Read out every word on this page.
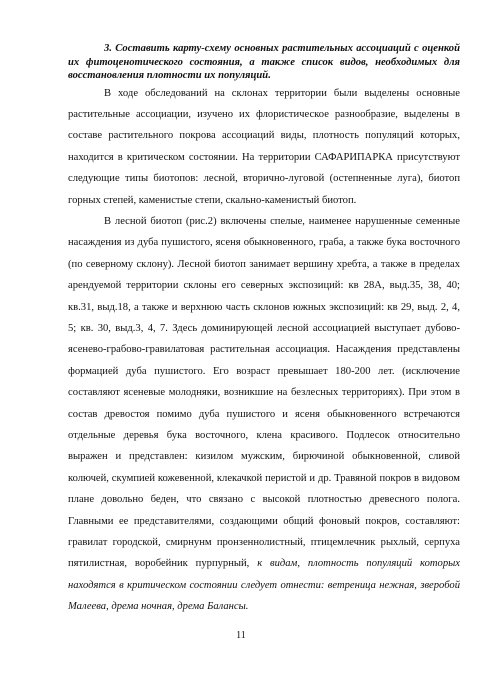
3. Составить карту-схему основных растительных ассоциаций с оценкой их фитоценотического состояния, а также список видов, необходимых для восстановления плотности их популяций.

В ходе обследований на склонах территории были выделены основные растительные ассоциации, изучено их флористическое разнообразие, выделены в составе растительного покрова ассоциаций виды, плотность популяций которых, находится в критическом состоянии. На территории САФАРИПАРКА присутствуют следующие типы биотопов: лесной, вторично-луговой (остепненные луга), биотоп горных степей, каменистые степи, скально-каменистый биотоп.

В лесной биотоп (рис.2) включены спелые, наименее нарушенные семенные насаждения из дуба пушистого, ясеня обыкновенного, граба, а также бука восточного (по северному склону). Лесной биотоп занимает вершину хребта, а также в пределах арендуемой территории склоны его северных экспозиций: кв 28А, выд.35, 38, 40; кв.31, выд.18, а также и верхнюю часть склонов южных экспозиций: кв 29, выд. 2, 4, 5; кв. 30, выд.3, 4, 7. Здесь доминирующей лесной ассоциацией выступает дубово-ясенево-грабово-гравилатовая растительная ассоциация. Насаждения представлены формацией дуба пушистого. Его возраст превышает 180-200 лет. (исключение составляют ясеневые молодняки, возникшие на безлесных территориях). При этом в состав древостоя помимо дуба пушистого и ясеня обыкновенного встречаются отдельные деревья бука восточного, клена красивого. Подлесок относительно выражен и представлен: кизилом мужским, бирючиной обыкновенной, сливой колючей, скумпией кожевенной, клекачкой перистой и др. Травяной покров в видовом плане довольно беден, что связано с высокой плотностью древесного полога. Главными ее представителями, создающими общий фоновый покров, составляют: гравилат городской, смирнунм пронзеннолистный, птицемлечник рыхлый, серпуха пятилистная, воробейник пурпурный, к видам, плотность популяций которых находятся в критическом состоянии следует отнести: ветреница нежная, зверобой Малеева, дрема ночная, дрема Балансы.

11
